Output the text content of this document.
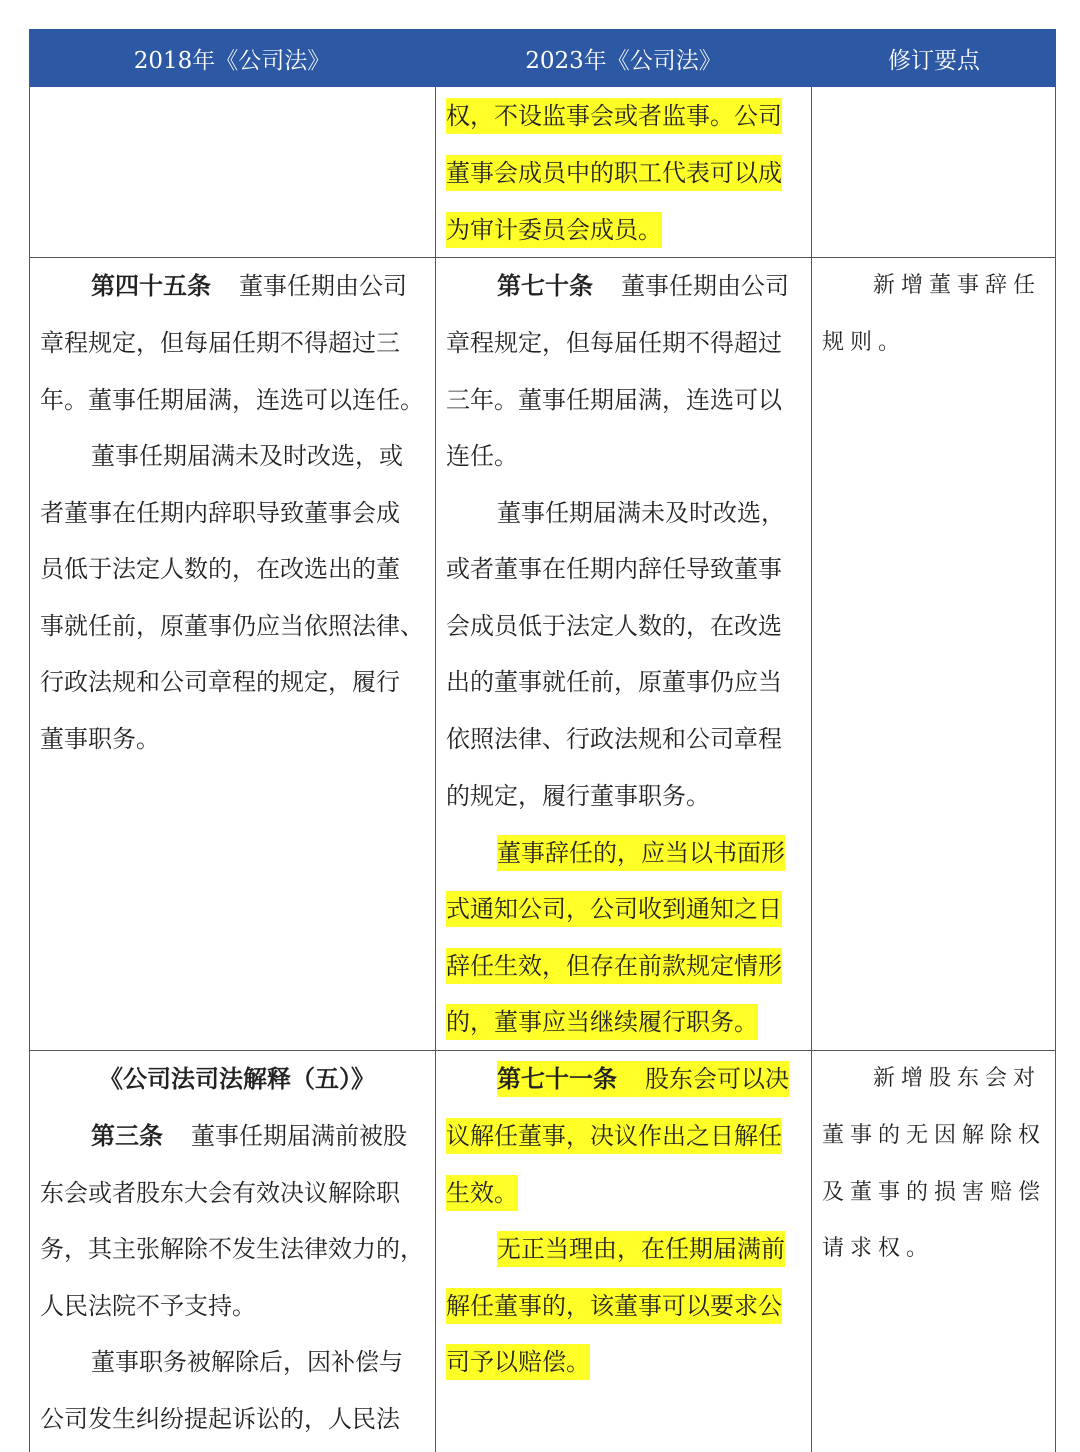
2018年《公司法》	2023年《公司法》	修订要点
权，不设监事会或者监事。公司
董事会成员中的职工代表可以成
为审计委员会成员。
第四十五条 董事任期由公司
章程规定，但每届任期不得超过三
年。董事任期届满，连选可以连任。
董事任期届满未及时改选，或
者董事在任期内辞职导致董事会成
员低于法定人数的，在改选出的董
事就任前，原董事仍应当依照法律、
行政法规和公司章程的规定，履行
董事职务。
第七十条 董事任期由公司
章程规定，但每届任期不得超过
三年。董事任期届满，连选可以
连任。
董事任期届满未及时改选，
或者董事在任期内辞任导致董事
会成员低于法定人数的，在改选
出的董事就任前，原董事仍应当
依照法律、行政法规和公司章程
的规定，履行董事职务。
董事辞任的，应当以书面形
式通知公司，公司收到通知之日
辞任生效，但存在前款规定情形
的，董事应当继续履行职务。
新增董事辞任
规则。
《公司法司法解释（五）》
第三条 董事任期届满前被股
东会或者股东大会有效决议解除职
务，其主张解除不发生法律效力的，
人民法院不予支持。
董事职务被解除后，因补偿与
公司发生纠纷提起诉讼的，人民法
第七十一条 股东会可以决
议解任董事，决议作出之日解任
生效。
无正当理由，在任期届满前
解任董事的，该董事可以要求公
司予以赔偿。
新增股东会对
董事的无因解除权
及董事的损害赔偿
请求权。
